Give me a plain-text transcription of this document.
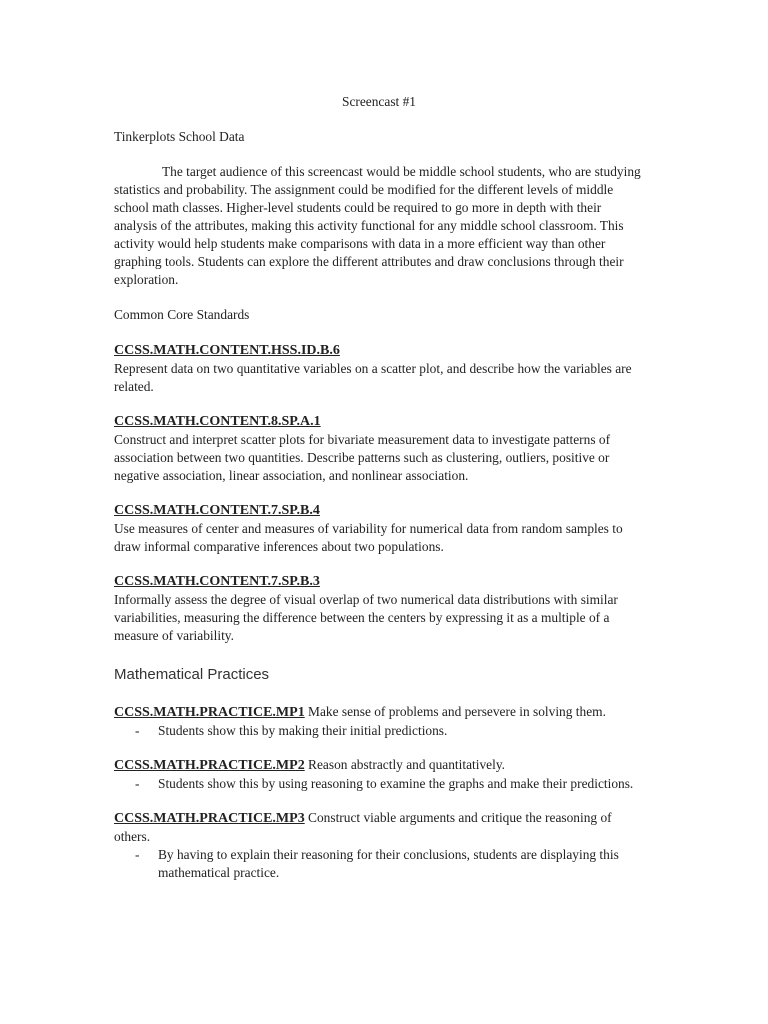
Screencast #1
Tinkerplots School Data
The target audience of this screencast would be middle school students, who are studying statistics and probability. The assignment could be modified for the different levels of middle school math classes. Higher-level students could be required to go more in depth with their analysis of the attributes, making this activity functional for any middle school classroom. This activity would help students make comparisons with data in a more efficient way than other graphing tools. Students can explore the different attributes and draw conclusions through their exploration.
Common Core Standards
CCSS.MATH.CONTENT.HSS.ID.B.6
Represent data on two quantitative variables on a scatter plot, and describe how the variables are related.
CCSS.MATH.CONTENT.8.SP.A.1
Construct and interpret scatter plots for bivariate measurement data to investigate patterns of association between two quantities. Describe patterns such as clustering, outliers, positive or negative association, linear association, and nonlinear association.
CCSS.MATH.CONTENT.7.SP.B.4
Use measures of center and measures of variability for numerical data from random samples to draw informal comparative inferences about two populations.
CCSS.MATH.CONTENT.7.SP.B.3
Informally assess the degree of visual overlap of two numerical data distributions with similar variabilities, measuring the difference between the centers by expressing it as a multiple of a measure of variability.
Mathematical Practices
CCSS.MATH.PRACTICE.MP1 Make sense of problems and persevere in solving them.
- Students show this by making their initial predictions.
CCSS.MATH.PRACTICE.MP2 Reason abstractly and quantitatively.
- Students show this by using reasoning to examine the graphs and make their predictions.
CCSS.MATH.PRACTICE.MP3 Construct viable arguments and critique the reasoning of others.
- By having to explain their reasoning for their conclusions, students are displaying this mathematical practice.
